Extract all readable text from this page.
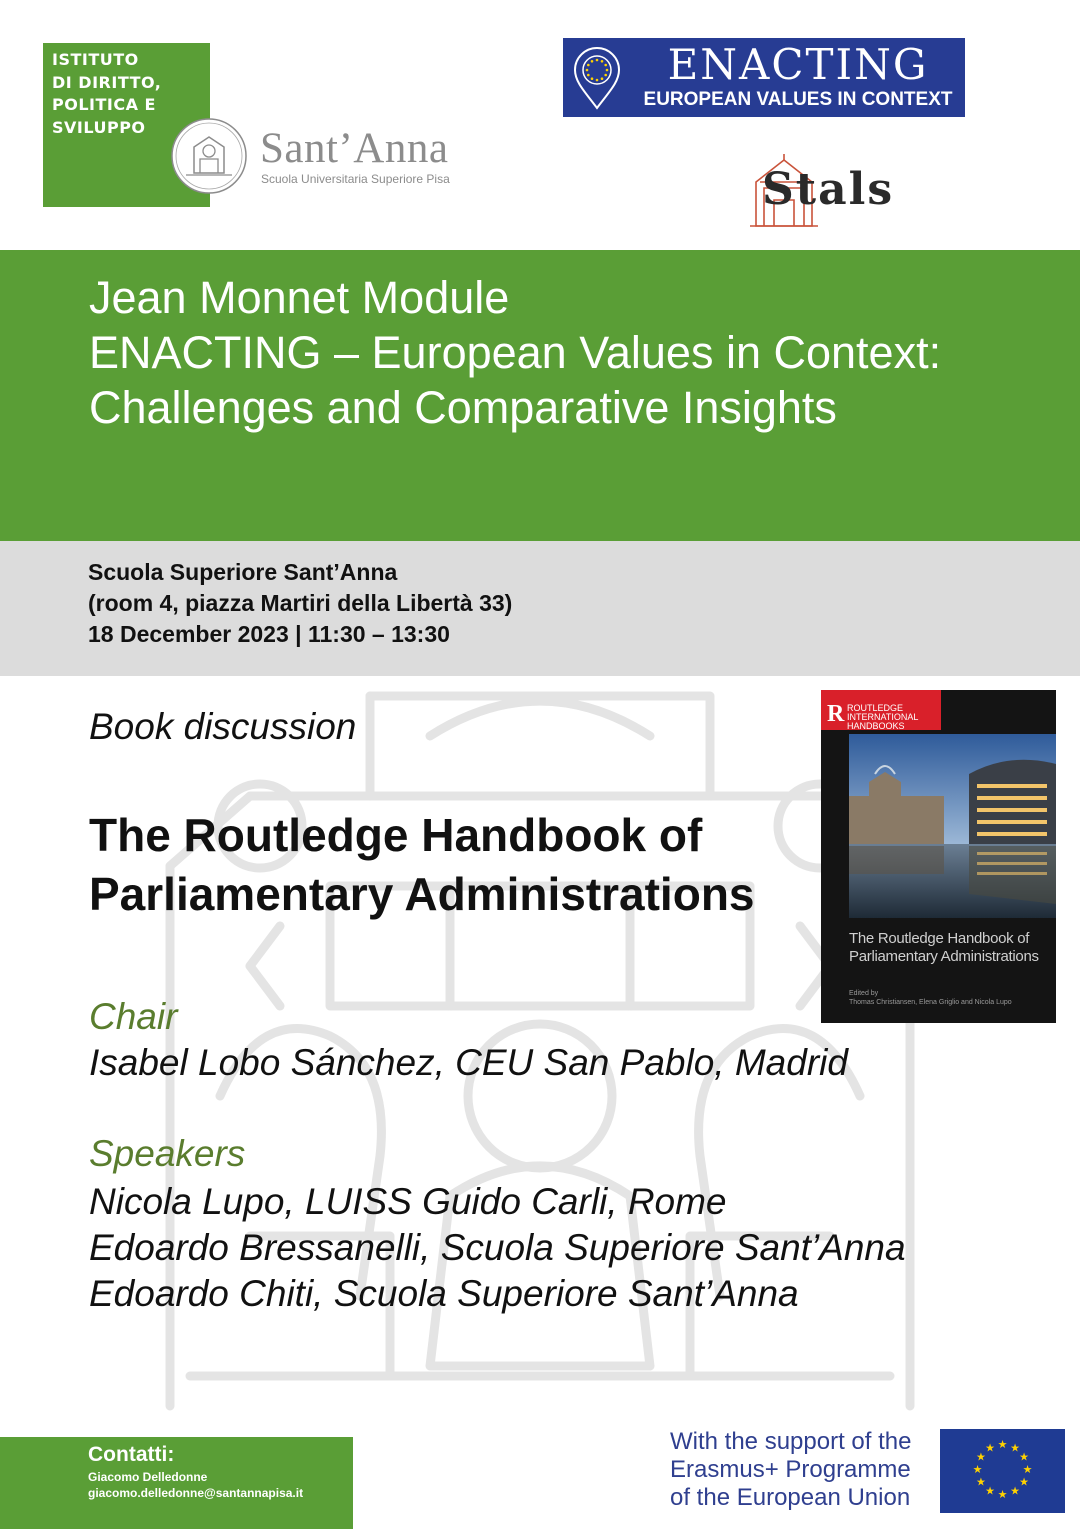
ISTITUTO
DI DIRITTO,
POLITICA E
SVILUPPO	Sant’Anna
Scuola Universitaria Superiore Pisa
ENACTING
EUROPEAN VALUES IN CONTEXT
Stals
Jean Monnet Module
ENACTING – European Values in Context:
Challenges and Comparative Insights
Scuola Superiore Sant’Anna
(room 4, piazza Martiri della Libertà 33)
18 December 2023 | 11:30 – 13:30
Book discussion
The Routledge Handbook of
Parliamentary Administrations
Chair
Isabel Lobo Sánchez, CEU San Pablo, Madrid
Speakers
Nicola Lupo, LUISS Guido Carli, Rome
Edoardo Bressanelli, Scuola Superiore Sant’Anna
Edoardo Chiti, Scuola Superiore Sant’Anna
R ROUTLEDGE
INTERNATIONAL
HANDBOOKS
The Routledge Handbook of
Parliamentary Administrations
Edited by
Thomas Christiansen, Elena Griglio and Nicola Lupo
Contatti:
Giacomo Delledonne
giacomo.delledonne@santannapisa.it
With the support of the
Erasmus+ Programme
of the European Union
★ ★
★
★
★
★
★
★
★
★
★
★
